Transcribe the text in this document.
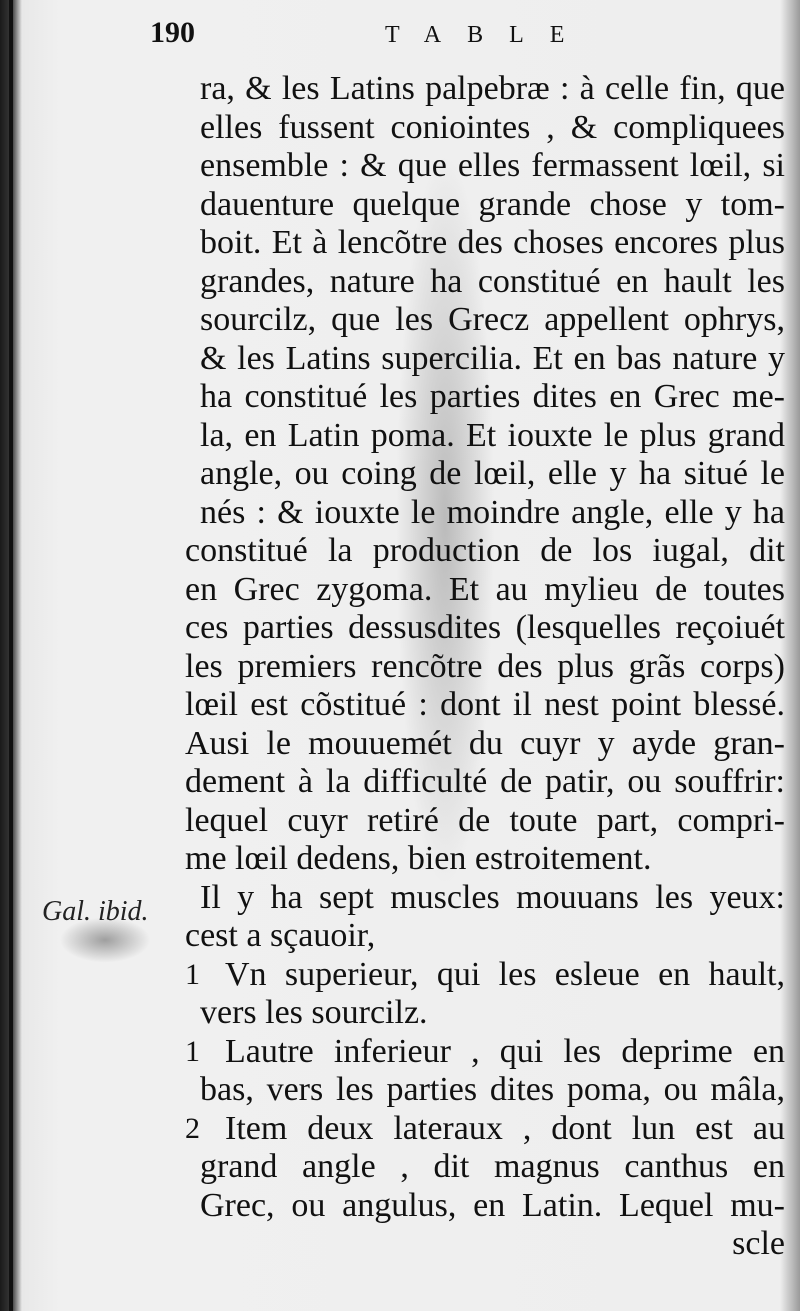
190	TABLE
Gal. ibid.
ra, & les Latins palpebræ : à celle fin, que
elles fussent coniointes , & compliquees
ensemble : & que elles fermassent lœil, si
dauenture quelque grande chose y tom-
boit. Et à lencõtre des choses encores plus
grandes, nature ha constitué en hault les
sourcilz, que les Grecz appellent ophrys,
& les Latins supercilia. Et en bas nature y
ha constitué les parties dites en Grec me-
la, en Latin poma. Et iouxte le plus grand
angle, ou coing de lœil, elle y ha situé le
nés : & iouxte le moindre angle, elle y ha
constitué la production de los iugal, dit
en Grec zygoma. Et au mylieu de toutes
ces parties dessusdites (lesquelles reçoiuét
les premiers rencõtre des plus grãs corps)
lœil est cõstitué : dont il nest point blessé.
Ausi le mouuemét du cuyr y ayde gran-
dement à la difficulté de patir, ou souffrir:
lequel cuyr retiré de toute part, compri-
me lœil dedens, bien estroitement.
Il y ha sept muscles mouuans les yeux:
cest a sçauoir,
1 Vn superieur, qui les esleue en hault,
vers les sourcilz.
1 Lautre inferieur , qui les deprime en
bas, vers les parties dites poma, ou mâla,
2 Item deux lateraux , dont lun est au
grand angle , dit magnus canthus en
Grec, ou angulus, en Latin. Lequel mu-
scle
